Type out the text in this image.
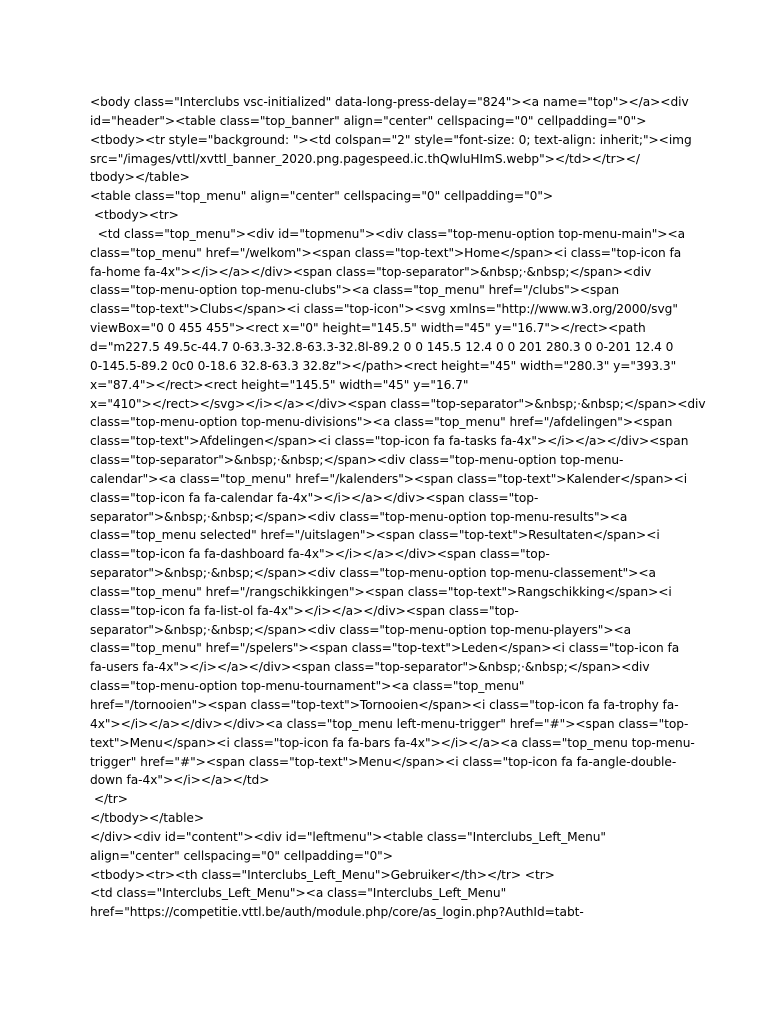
<body class="Interclubs vsc-initialized" data-long-press-delay="824"><a name="top"></a><div
id="header"><table class="top_banner" align="center" cellspacing="0" cellpadding="0">
<tbody><tr style="background: "><td colspan="2" style="font-size: 0; text-align: inherit;"><img
src="/images/vttl/xvttl_banner_2020.png.pagespeed.ic.thQwluHImS.webp"></td></tr></
tbody></table>
<table class="top_menu" align="center" cellspacing="0" cellpadding="0">
<tbody><tr>
<td class="top_menu"><div id="topmenu"><div class="top-menu-option top-menu-main"><a
class="top_menu" href="/welkom"><span class="top-text">Home</span><i class="top-icon fa
fa-home fa-4x"></i></a></div><span class="top-separator">&nbsp;·&nbsp;</span><div
class="top-menu-option top-menu-clubs"><a class="top_menu" href="/clubs"><span
class="top-text">Clubs</span><i class="top-icon"><svg xmlns="http://www.w3.org/2000/svg"
viewBox="0 0 455 455"><rect x="0" height="145.5" width="45" y="16.7"></rect><path
d="m227.5 49.5c-44.7 0-63.3-32.8-63.3-32.8l-89.2 0 0 145.5 12.4 0 0 201 280.3 0 0-201 12.4 0
0-145.5-89.2 0c0 0-18.6 32.8-63.3 32.8z"></path><rect height="45" width="280.3" y="393.3"
x="87.4"></rect><rect height="145.5" width="45" y="16.7"
x="410"></rect></svg></i></a></div><span class="top-separator">&nbsp;·&nbsp;</span><div
class="top-menu-option top-menu-divisions"><a class="top_menu" href="/afdelingen"><span
class="top-text">Afdelingen</span><i class="top-icon fa fa-tasks fa-4x"></i></a></div><span
class="top-separator">&nbsp;·&nbsp;</span><div class="top-menu-option top-menu-
calendar"><a class="top_menu" href="/kalenders"><span class="top-text">Kalender</span><i
class="top-icon fa fa-calendar fa-4x"></i></a></div><span class="top-
separator">&nbsp;·&nbsp;</span><div class="top-menu-option top-menu-results"><a
class="top_menu selected" href="/uitslagen"><span class="top-text">Resultaten</span><i
class="top-icon fa fa-dashboard fa-4x"></i></a></div><span class="top-
separator">&nbsp;·&nbsp;</span><div class="top-menu-option top-menu-classement"><a
class="top_menu" href="/rangschikkingen"><span class="top-text">Rangschikking</span><i
class="top-icon fa fa-list-ol fa-4x"></i></a></div><span class="top-
separator">&nbsp;·&nbsp;</span><div class="top-menu-option top-menu-players"><a
class="top_menu" href="/spelers"><span class="top-text">Leden</span><i class="top-icon fa
fa-users fa-4x"></i></a></div><span class="top-separator">&nbsp;·&nbsp;</span><div
class="top-menu-option top-menu-tournament"><a class="top_menu"
href="/tornooien"><span class="top-text">Tornooien</span><i class="top-icon fa fa-trophy fa-
4x"></i></a></div></div><a class="top_menu left-menu-trigger" href="#"><span class="top-
text">Menu</span><i class="top-icon fa fa-bars fa-4x"></i></a><a class="top_menu top-menu-
trigger" href="#"><span class="top-text">Menu</span><i class="top-icon fa fa-angle-double-
down fa-4x"></i></a></td>
</tr>
</tbody></table>
</div><div id="content"><div id="leftmenu"><table class="Interclubs_Left_Menu"
align="center" cellspacing="0" cellpadding="0">
<tbody><tr><th class="Interclubs_Left_Menu">Gebruiker</th></tr> <tr>
<td class="Interclubs_Left_Menu"><a class="Interclubs_Left_Menu"
href="https://competitie.vttl.be/auth/module.php/core/as_login.php?AuthId=tabt-
